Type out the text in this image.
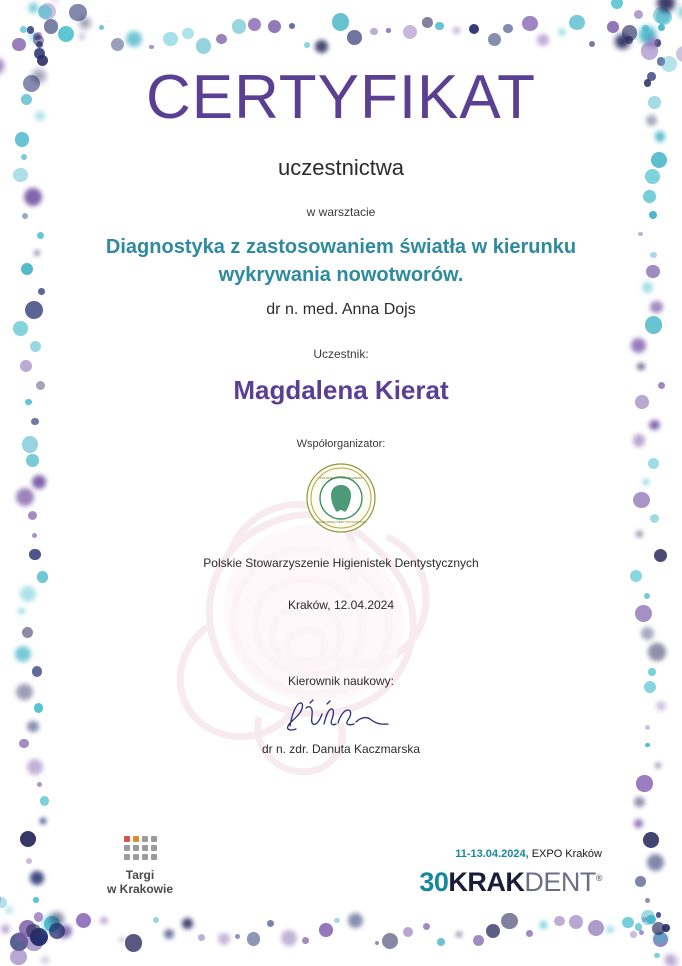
CERTYFIKAT
uczestnictwa
w warsztacie
Diagnostyka z zastosowaniem światła w kierunku wykrywania nowotworów.
dr n. med. Anna Dojs
Uczestnik:
Magdalena Kierat
Współorganizator:
POLSKIE STOWARZYSZENIE
HIGIENISTEK DENTYSTYCZNYCH
Polskie Stowarzyszenie Higienistek Dentystycznych
Kraków, 12.04.2024
Kierownik naukowy:
dr n. zdr. Danuta Kaczmarska
Targi
w Krakowie
11-13.04.2024, EXPO Kraków
30KRAKDENT®
